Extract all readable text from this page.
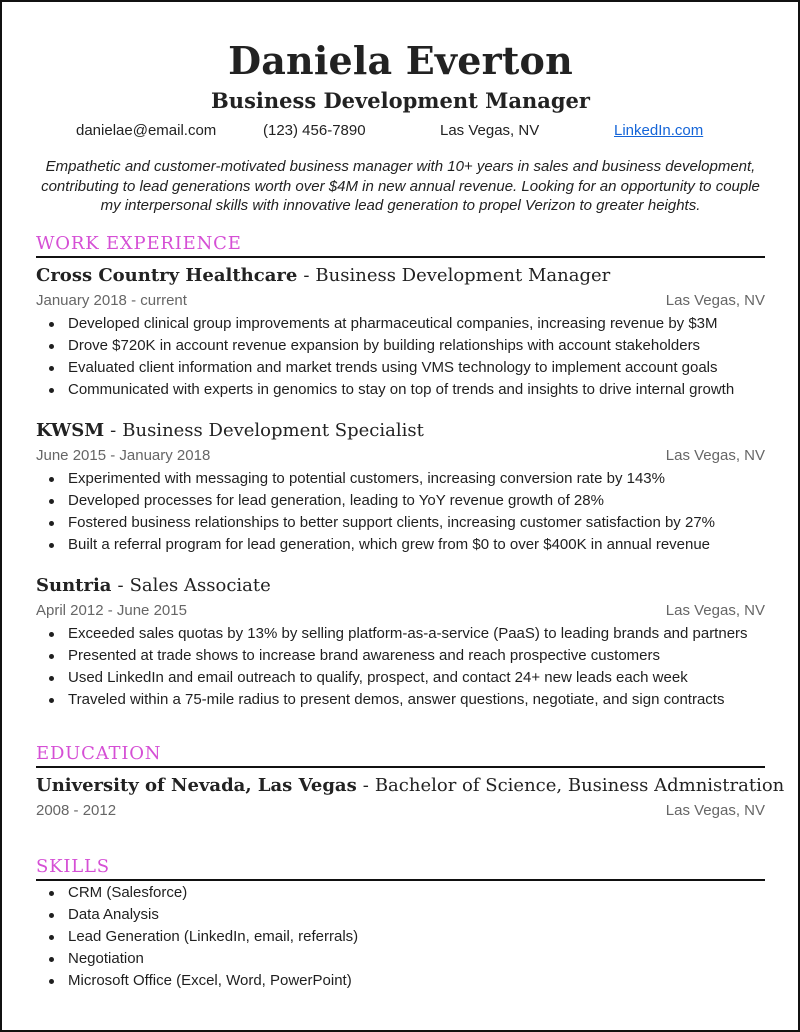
Daniela Everton
Business Development Manager
danielae@email.com	(123) 456-7890	Las Vegas, NV	LinkedIn.com

Empathetic and customer-motivated business manager with 10+ years in sales and business development, contributing to lead generations worth over $4M in new annual revenue. Looking for an opportunity to couple my interpersonal skills with innovative lead generation to propel Verizon to greater heights.

WORK EXPERIENCE
Cross Country Healthcare - Business Development Manager
January 2018 - current	Las Vegas, NV
Developed clinical group improvements at pharmaceutical companies, increasing revenue by $3M
Drove $720K in account revenue expansion by building relationships with account stakeholders
Evaluated client information and market trends using VMS technology to implement account goals
Communicated with experts in genomics to stay on top of trends and insights to drive internal growth
KWSM - Business Development Specialist
June 2015 - January 2018	Las Vegas, NV
Experimented with messaging to potential customers, increasing conversion rate by 143%
Developed processes for lead generation, leading to YoY revenue growth of 28%
Fostered business relationships to better support clients, increasing customer satisfaction by 27%
Built a referral program for lead generation, which grew from $0 to over $400K in annual revenue
Suntria - Sales Associate
April 2012 - June 2015	Las Vegas, NV
Exceeded sales quotas by 13% by selling platform-as-a-service (PaaS) to leading brands and partners
Presented at trade shows to increase brand awareness and reach prospective customers
Used LinkedIn and email outreach to qualify, prospect, and contact 24+ new leads each week
Traveled within a 75-mile radius to present demos, answer questions, negotiate, and sign contracts
EDUCATION
University of Nevada, Las Vegas - Bachelor of Science, Business Admnistration
2008 - 2012	Las Vegas, NV
SKILLS
CRM (Salesforce)
Data Analysis
Lead Generation (LinkedIn, email, referrals)
Negotiation
Microsoft Office (Excel, Word, PowerPoint)
